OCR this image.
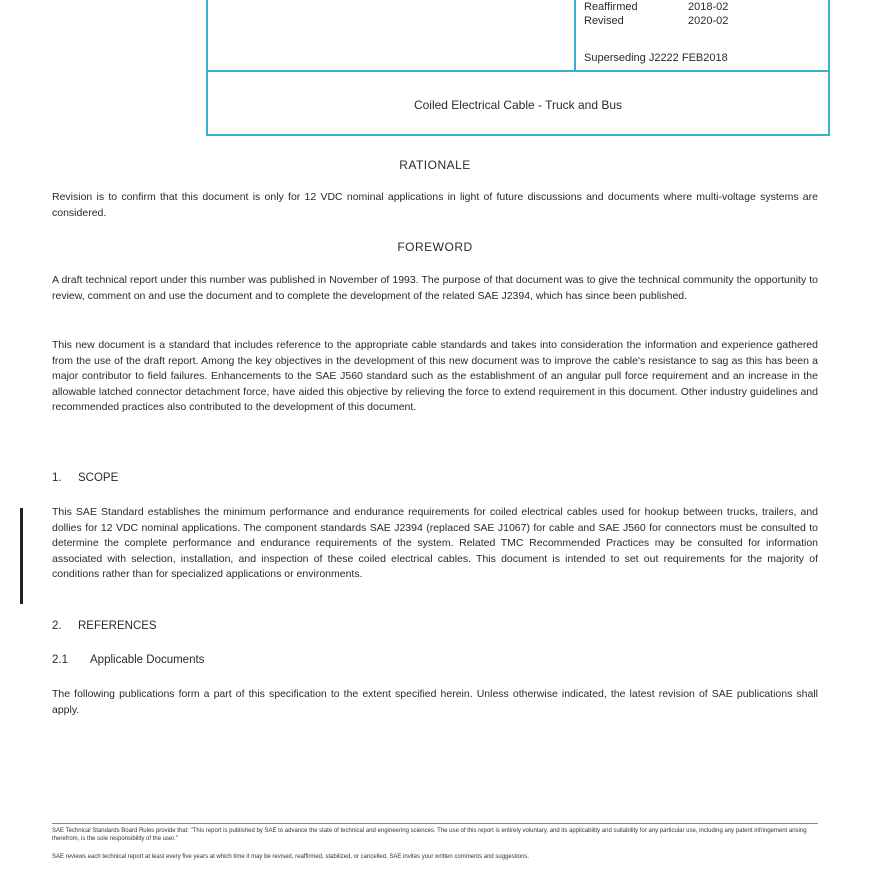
Reaffirmed	2018-02
Revised	2020-02
Superseding J2222 FEB2018
Coiled Electrical Cable - Truck and Bus
RATIONALE
Revision is to confirm that this document is only for 12 VDC nominal applications in light of future discussions and documents where multi-voltage systems are considered.
FOREWORD
A draft technical report under this number was published in November of 1993. The purpose of that document was to give the technical community the opportunity to review, comment on and use the document and to complete the development of the related SAE J2394, which has since been published.
This new document is a standard that includes reference to the appropriate cable standards and takes into consideration the information and experience gathered from the use of the draft report. Among the key objectives in the development of this new document was to improve the cable's resistance to sag as this has been a major contributor to field failures. Enhancements to the SAE J560 standard such as the establishment of an angular pull force requirement and an increase in the allowable latched connector detachment force, have aided this objective by relieving the force to extend requirement in this document. Other industry guidelines and recommended practices also contributed to the development of this document.
1.	SCOPE
This SAE Standard establishes the minimum performance and endurance requirements for coiled electrical cables used for hookup between trucks, trailers, and dollies for 12 VDC nominal applications. The component standards SAE J2394 (replaced SAE J1067) for cable and SAE J560 for connectors must be consulted to determine the complete performance and endurance requirements of the system. Related TMC Recommended Practices may be consulted for information associated with selection, installation, and inspection of these coiled electrical cables. This document is intended to set out requirements for the majority of conditions rather than for specialized applications or environments.
2.	REFERENCES
2.1	Applicable Documents
The following publications form a part of this specification to the extent specified herein. Unless otherwise indicated, the latest revision of SAE publications shall apply.
SAE Technical Standards Board Rules provide that: "This report is published by SAE to advance the state of technical and engineering sciences. The use of this report is entirely voluntary, and its applicability and suitability for any particular use, including any patent infringement arising therefrom, is the sole responsibility of the user."
SAE reviews each technical report at least every five years at which time it may be revised, reaffirmed, stabilized, or cancelled. SAE invites your written comments and suggestions.
